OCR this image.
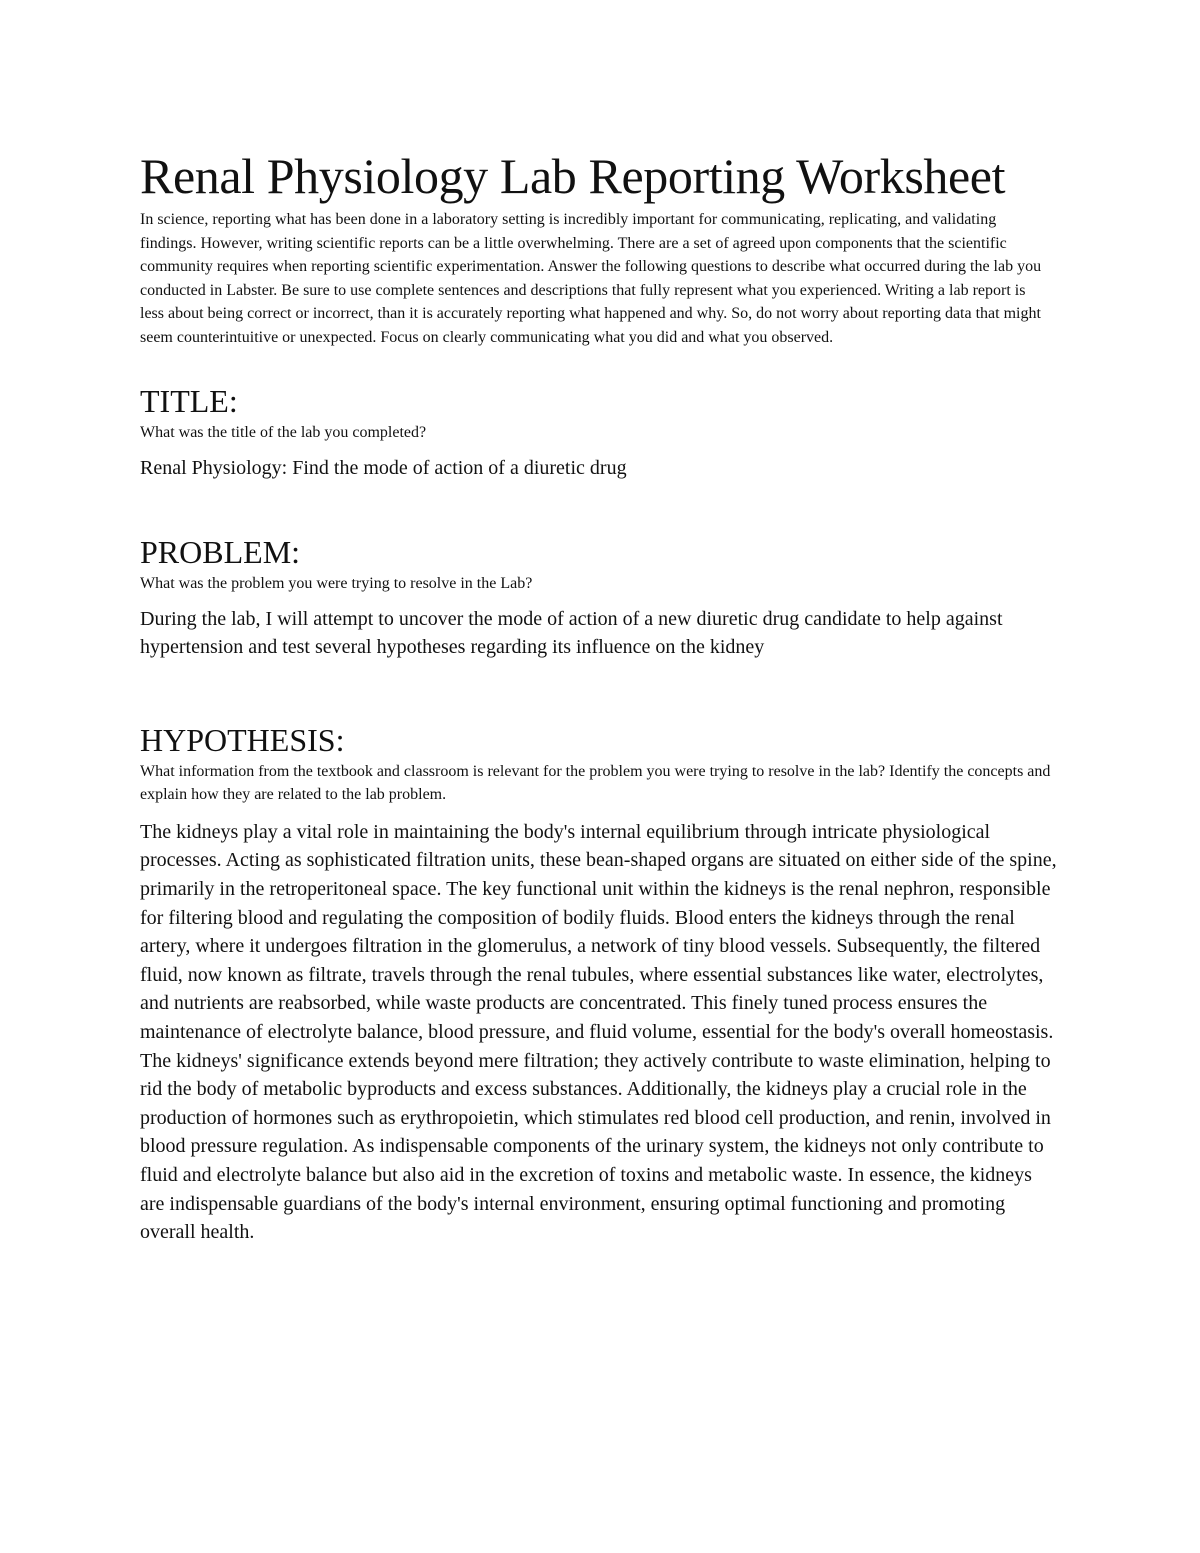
Renal Physiology Lab Reporting Worksheet

In science, reporting what has been done in a laboratory setting is incredibly important for communicating, replicating, and validating findings. However, writing scientific reports can be a little overwhelming. There are a set of agreed upon components that the scientific community requires when reporting scientific experimentation. Answer the following questions to describe what occurred during the lab you conducted in Labster. Be sure to use complete sentences and descriptions that fully represent what you experienced. Writing a lab report is less about being correct or incorrect, than it is accurately reporting what happened and why. So, do not worry about reporting data that might seem counterintuitive or unexpected. Focus on clearly communicating what you did and what you observed.

TITLE:

What was the title of the lab you completed?

Renal Physiology: Find the mode of action of a diuretic drug

PROBLEM:

What was the problem you were trying to resolve in the Lab?

During the lab, I will attempt to uncover the mode of action of a new diuretic drug candidate to help against hypertension and test several hypotheses regarding its influence on the kidney

HYPOTHESIS:

What information from the textbook and classroom is relevant for the problem you were trying to resolve in the lab? Identify the concepts and explain how they are related to the lab problem.

The kidneys play a vital role in maintaining the body's internal equilibrium through intricate physiological processes. Acting as sophisticated filtration units, these bean-shaped organs are situated on either side of the spine, primarily in the retroperitoneal space. The key functional unit within the kidneys is the renal nephron, responsible for filtering blood and regulating the composition of bodily fluids. Blood enters the kidneys through the renal artery, where it undergoes filtration in the glomerulus, a network of tiny blood vessels. Subsequently, the filtered fluid, now known as filtrate, travels through the renal tubules, where essential substances like water, electrolytes, and nutrients are reabsorbed, while waste products are concentrated. This finely tuned process ensures the maintenance of electrolyte balance, blood pressure, and fluid volume, essential for the body's overall homeostasis. The kidneys' significance extends beyond mere filtration; they actively contribute to waste elimination, helping to rid the body of metabolic byproducts and excess substances. Additionally, the kidneys play a crucial role in the production of hormones such as erythropoietin, which stimulates red blood cell production, and renin, involved in blood pressure regulation. As indispensable components of the urinary system, the kidneys not only contribute to fluid and electrolyte balance but also aid in the excretion of toxins and metabolic waste. In essence, the kidneys are indispensable guardians of the body's internal environment, ensuring optimal functioning and promoting overall health.
